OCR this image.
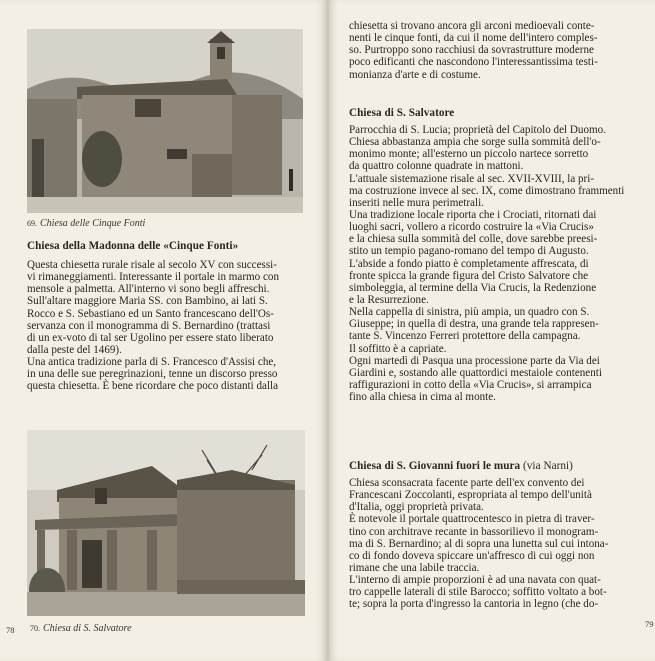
69. Chiesa delle Cinque Fonti
Chiesa della Madonna delle «Cinque Fonti»
Questa chiesetta rurale risale al secolo XV con successi-
vi rimaneggiamenti. Interessante il portale in marmo con
mensole a palmetta. All'interno vi sono begli affreschi.
Sull'altare maggiore Maria SS. con Bambino, ai lati S.
Rocco e S. Sebastiano ed un Santo francescano dell'Os-
servanza con il monogramma di S. Bernardino (trattasi
di un ex-voto di tal ser Ugolino per essere stato liberato
dalla peste del 1469).
Una antica tradizione parla di S. Francesco d'Assisi che,
in una delle sue peregrinazioni, tenne un discorso presso
questa chiesetta. È bene ricordare che poco distanti dalla
70. Chiesa di S. Salvatore
78
chiesetta si trovano ancora gli arconi medioevali conte-
nenti le cinque fonti, da cui il nome dell'intero comples-
so. Purtroppo sono racchiusi da sovrastrutture moderne
poco edificanti che nascondono l'interessantissima testi-
monianza d'arte e di costume.
Chiesa di S. Salvatore
Parrocchia di S. Lucia; proprietà del Capitolo del Duomo.
Chiesa abbastanza ampia che sorge sulla sommità dell'o-
monimo monte; all'esterno un piccolo nartece sorretto
da quattro colonne quadrate in mattoni.
L'attuale sistemazione risale al sec. XVII-XVIII, la pri-
ma costruzione invece al sec. IX, come dimostrano frammenti
inseriti nelle mura perimetrali.
Una tradizione locale riporta che i Crociati, ritornati dai
luoghi sacri, vollero a ricordo costruire la «Via Crucis»
e la chiesa sulla sommità del colle, dove sarebbe preesi-
stito un tempio pagano-romano del tempo di Augusto.
L'abside a fondo piatto è completamente affrescata, di
fronte spicca la grande figura del Cristo Salvatore che
simboleggia, al termine della Via Crucis, la Redenzione
e la Resurrezione.
Nella cappella di sinistra, più ampia, un quadro con S.
Giuseppe; in quella di destra, una grande tela rappresen-
tante S. Vincenzo Ferreri protettore della campagna.
Il soffitto è a capriate.
Ogni martedì di Pasqua una processione parte da Via dei
Giardini e, sostando alle quattordici mestaiole contenenti
raffigurazioni in cotto della «Via Crucis», si arrampica
fino alla chiesa in cima al monte.
Chiesa di S. Giovanni fuori le mura (via Narni)
Chiesa sconsacrata facente parte dell'ex convento dei
Francescani Zoccolanti, espropriata al tempo dell'unità
d'Italia, oggi proprietà privata.
È notevole il portale quattrocentesco in pietra di traver-
tino con architrave recante in bassorilievo il monogram-
ma di S. Bernardino; al di sopra una lunetta sul cui intona-
co di fondo doveva spiccare un'affresco di cui oggi non
rimane che una labile traccia.
L'interno di ampie proporzioni è ad una navata con quat-
tro cappelle laterali di stile Barocco; soffitto voltato a bot-
te; sopra la porta d'ingresso la cantoria in legno (che do-
79
